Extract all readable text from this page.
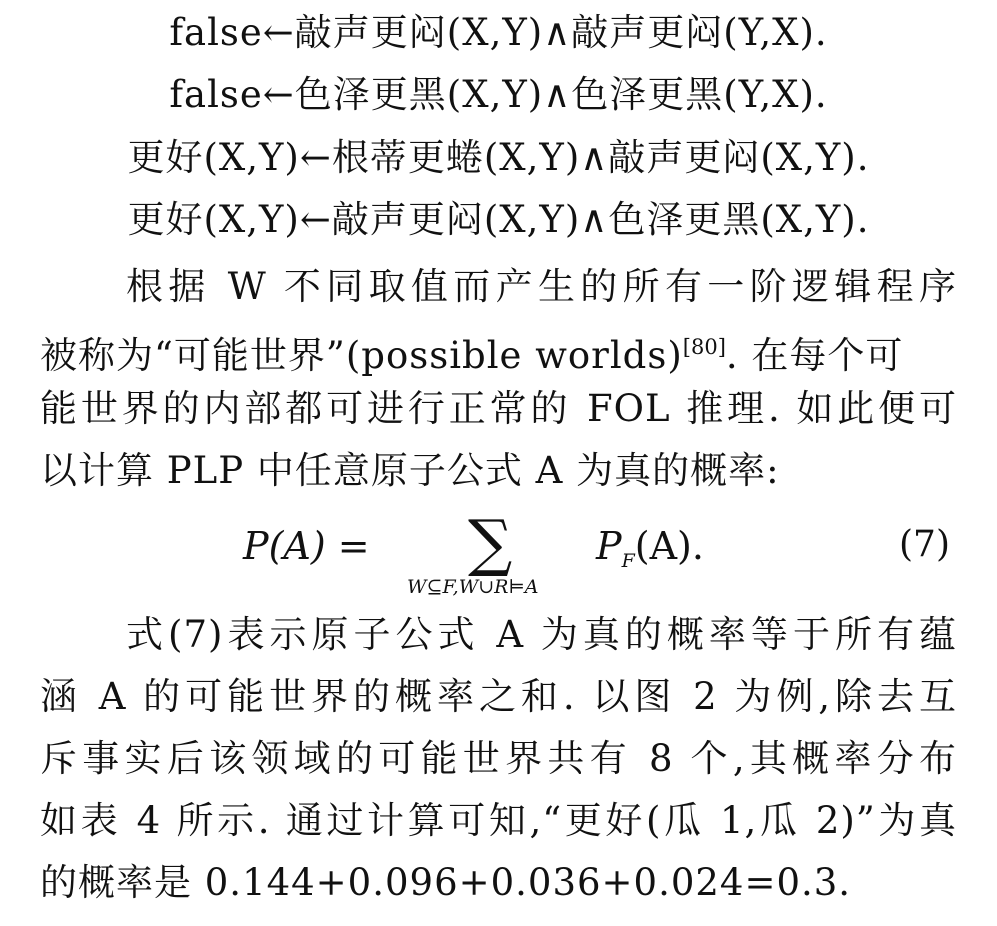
false←敲声更闷(X,Y)∧敲声更闷(Y,X).
false←色泽更黑(X,Y)∧色泽更黑(Y,X).
更好(X,Y)←根蒂更蜷(X,Y)∧敲声更闷(X,Y).
更好(X,Y)←敲声更闷(X,Y)∧色泽更黑(X,Y).
根据 W 不同取值而产生的所有一阶逻辑程序
被称为“可能世界”(possible worlds)[80]. 在每个可
能世界的内部都可进行正常的 FOL 推理. 如此便可
以计算 PLP 中任意原子公式 A 为真的概率:
P(A) = ∑
W⊆F,W∪R⊨A
$P_F(A)$.	(7)
式(7)表示原子公式 A 为真的概率等于所有蕴
涵 A 的可能世界的概率之和. 以图 2 为例,除去互
斥事实后该领域的可能世界共有 8 个,其概率分布
如表 4 所示. 通过计算可知,“更好(瓜 1,瓜 2)”为真
的概率是 0.144+0.096+0.036+0.024=0.3.
